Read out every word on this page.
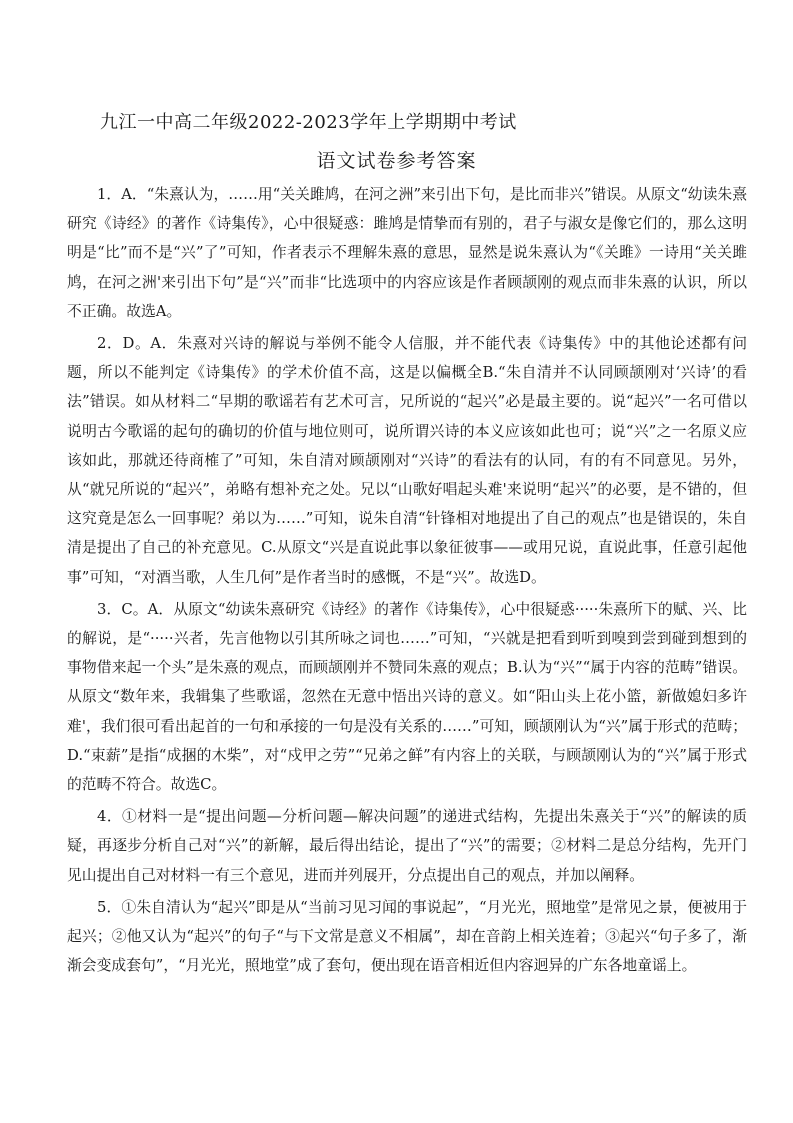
九江一中高二年级2022-2023学年上学期期中考试
语文试卷参考答案

1．A．“朱熹认为，……用“关关雎鸠，在河之洲”来引出下句，是比而非兴”错误。从原文“幼读朱熹研究《诗经》的著作《诗集传》，心中很疑惑：雎鸠是情挚而有别的，君子与淑女是像它们的，那么这明明是“比”而不是“兴”了”可知，作者表示不理解朱熹的意思，显然是说朱熹认为“《关雎》一诗用“关关雎鸠，在河之洲'来引出下句”是“兴”而非“比选项中的内容应该是作者顾颉刚的观点而非朱熹的认识，所以不正确。故选A。

2．D。A．朱熹对兴诗的解说与举例不能令人信服，并不能代表《诗集传》中的其他论述都有问题，所以不能判定《诗集传》的学术价值不高，这是以偏概全B.“朱自清并不认同顾颉刚对‘兴诗’的看法”错误。如从材料二“早期的歌谣若有艺术可言，兄所说的“起兴”必是最主要的。说“起兴”一名可借以说明古今歌谣的起句的确切的价值与地位则可，说所谓兴诗的本义应该如此也可；说“兴”之一名原义应该如此，那就还待商榷了”可知，朱自清对顾颉刚对“兴诗”的看法有的认同，有的有不同意见。另外，从“就兄所说的“起兴”，弟略有想补充之处。兄以“山歌好唱起头难'来说明“起兴”的必要，是不错的，但这究竟是怎么一回事呢？弟以为……”可知，说朱自清“针锋相对地提出了自己的观点”也是错误的，朱自清是提出了自己的补充意见。C.从原文“兴是直说此事以象征彼事——或用兄说，直说此事，任意引起他事”可知，“对酒当歌，人生几何”是作者当时的感慨，不是“兴”。故选D。

3．C。A．从原文“幼读朱熹研究《诗经》的著作《诗集传》，心中很疑惑·····朱熹所下的赋、兴、比的解说，是“·····兴者，先言他物以引其所咏之词也……”可知，“兴就是把看到听到嗅到尝到碰到想到的事物借来起一个头”是朱熹的观点，而顾颉刚并不赞同朱熹的观点；B.认为“兴”“属于内容的范畴”错误。从原文“数年来，我辑集了些歌谣，忽然在无意中悟出兴诗的意义。如“阳山头上花小篮，新做媳妇多许难'，我们很可看出起首的一句和承接的一句是没有关系的……”可知，顾颉刚认为“兴”属于形式的范畴；D.“束薪”是指“成捆的木柴”，对“戍甲之劳”“兄弟之鲜”有内容上的关联，与顾颉刚认为的“兴”属于形式的范畴不符合。故选C。

4．①材料一是“提出问题—分析问题—解决问题”的递进式结构，先提出朱熹关于“兴”的解读的质疑，再逐步分析自己对“兴”的新解，最后得出结论，提出了“兴”的需要；②材料二是总分结构，先开门见山提出自己对材料一有三个意见，进而并列展开，分点提出自己的观点，并加以阐释。

5．①朱自清认为“起兴”即是从“当前习见习闻的事说起”，“月光光，照地堂”是常见之景，便被用于起兴；②他又认为“起兴”的句子“与下文常是意义不相属”，却在音韵上相关连着；③起兴“句子多了，渐渐会变成套句”，“月光光，照地堂”成了套句，便出现在语音相近但内容迥异的广东各地童谣上。
